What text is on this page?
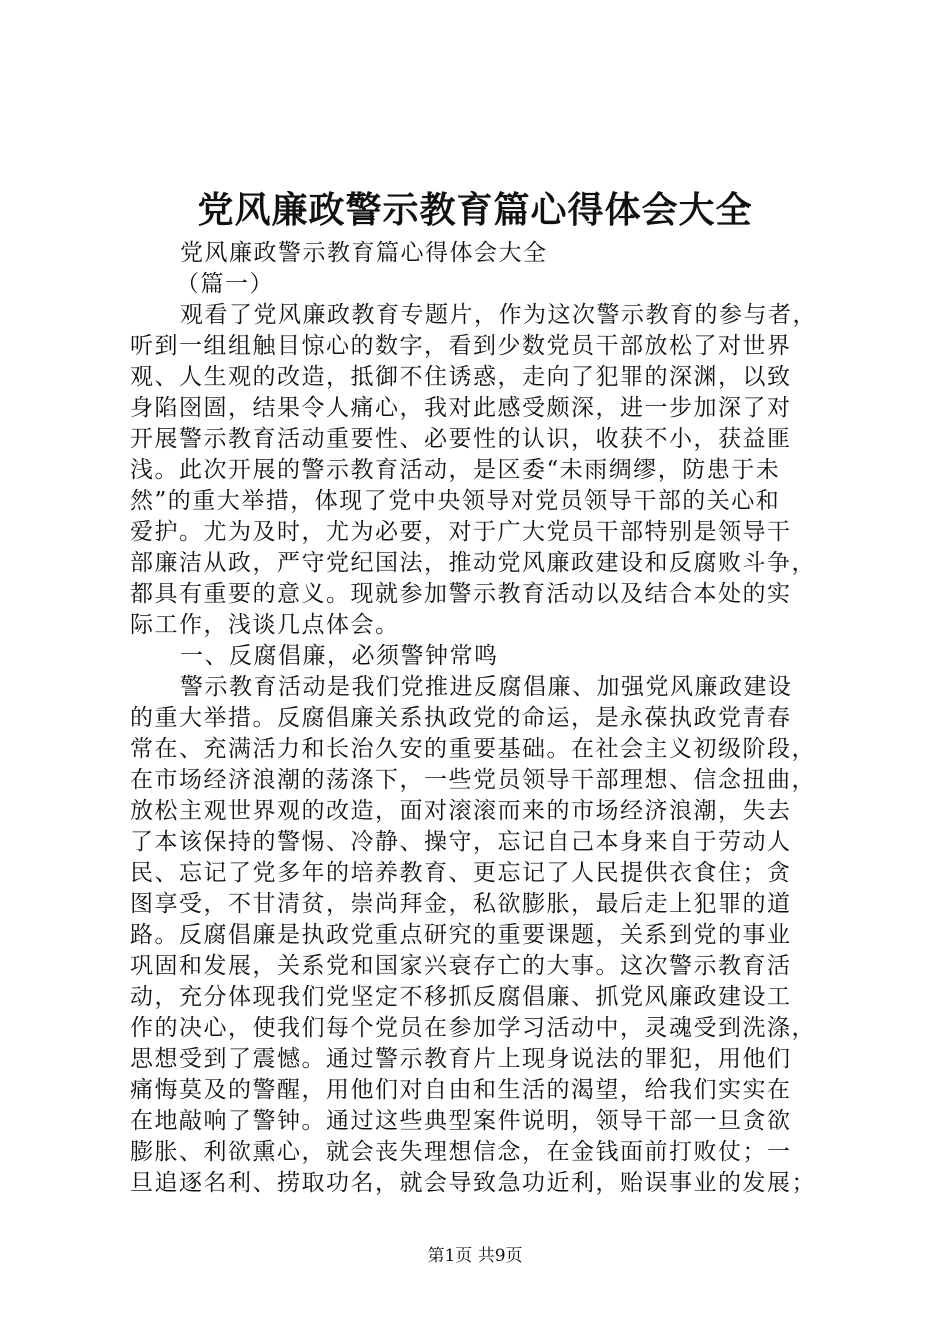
党风廉政警示教育篇心得体会大全
党风廉政警示教育篇心得体会大全
（篇一）
观看了党风廉政教育专题片，作为这次警示教育的参与者，
听到一组组触目惊心的数字，看到少数党员干部放松了对世界
观、人生观的改造，抵御不住诱惑，走向了犯罪的深渊，以致
身陷囹圄，结果令人痛心，我对此感受颇深，进一步加深了对
开展警示教育活动重要性、必要性的认识，收获不小，获益匪
浅。此次开展的警示教育活动，是区委“未雨绸缪，防患于未
然”的重大举措，体现了党中央领导对党员领导干部的关心和
爱护。尤为及时，尤为必要，对于广大党员干部特别是领导干
部廉洁从政，严守党纪国法，推动党风廉政建设和反腐败斗争，
都具有重要的意义。现就参加警示教育活动以及结合本处的实
际工作，浅谈几点体会。
一、反腐倡廉，必须警钟常鸣
警示教育活动是我们党推进反腐倡廉、加强党风廉政建设
的重大举措。反腐倡廉关系执政党的命运，是永葆执政党青春
常在、充满活力和长治久安的重要基础。在社会主义初级阶段，
在市场经济浪潮的荡涤下，一些党员领导干部理想、信念扭曲，
放松主观世界观的改造，面对滚滚而来的市场经济浪潮，失去
了本该保持的警惕、冷静、操守，忘记自己本身来自于劳动人
民、忘记了党多年的培养教育、更忘记了人民提供衣食住；贪
图享受，不甘清贫，崇尚拜金，私欲膨胀，最后走上犯罪的道
路。反腐倡廉是执政党重点研究的重要课题，关系到党的事业
巩固和发展，关系党和国家兴衰存亡的大事。这次警示教育活
动，充分体现我们党坚定不移抓反腐倡廉、抓党风廉政建设工
作的决心，使我们每个党员在参加学习活动中，灵魂受到洗涤，
思想受到了震憾。通过警示教育片上现身说法的罪犯，用他们
痛悔莫及的警醒，用他们对自由和生活的渴望，给我们实实在
在地敲响了警钟。通过这些典型案件说明，领导干部一旦贪欲
膨胀、利欲熏心，就会丧失理想信念，在金钱面前打败仗；一
旦追逐名利、捞取功名，就会导致急功近利，贻误事业的发展；
第1页 共9页
